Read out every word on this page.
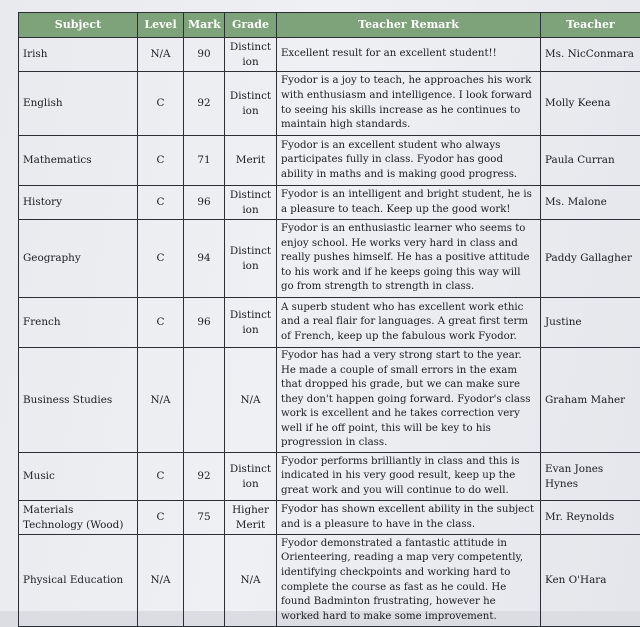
Subject	Level	Mark	Grade	Teacher Remark	Teacher
Irish	N/A	90	Distinct ion	Excellent result for an excellent student!!	Ms. NicConmara
English	C	92	Distinct ion	Fyodor is a joy to teach, he approaches his work with enthusiasm and intelligence. I look forward to seeing his skills increase as he continues to maintain high standards.	Molly Keena
Mathematics	C	71	Merit	Fyodor is an excellent student who always participates fully in class. Fyodor has good ability in maths and is making good progress.	Paula Curran
History	C	96	Distinct ion	Fyodor is an intelligent and bright student, he is a pleasure to teach. Keep up the good work!	Ms. Malone
Geography	C	94	Distinct ion	Fyodor is an enthusiastic learner who seems to enjoy school. He works very hard in class and really pushes himself. He has a positive attitude to his work and if he keeps going this way will go from strength to strength in class.	Paddy Gallagher
French	C	96	Distinct ion	A superb student who has excellent work ethic and a real flair for languages. A great first term of French, keep up the fabulous work Fyodor.	Justine
Business Studies	N/A		N/A	Fyodor has had a very strong start to the year. He made a couple of small errors in the exam that dropped his grade, but we can make sure they don't happen going forward. Fyodor's class work is excellent and he takes correction very well if he off point, this will be key to his progression in class.	Graham Maher
Music	C	92	Distinct ion	Fyodor performs brilliantly in class and this is indicated in his very good result, keep up the great work and you will continue to do well.	Evan Jones Hynes
Materials Technology (Wood)	C	75	Higher Merit	Fyodor has shown excellent ability in the subject and is a pleasure to have in the class.	Mr. Reynolds
Physical Education	N/A		N/A	Fyodor demonstrated a fantastic attitude in Orienteering, reading a map very competently, identifying checkpoints and working hard to complete the course as fast as he could. He found Badminton frustrating, however he worked hard to make some improvement.	Ken O'Hara
